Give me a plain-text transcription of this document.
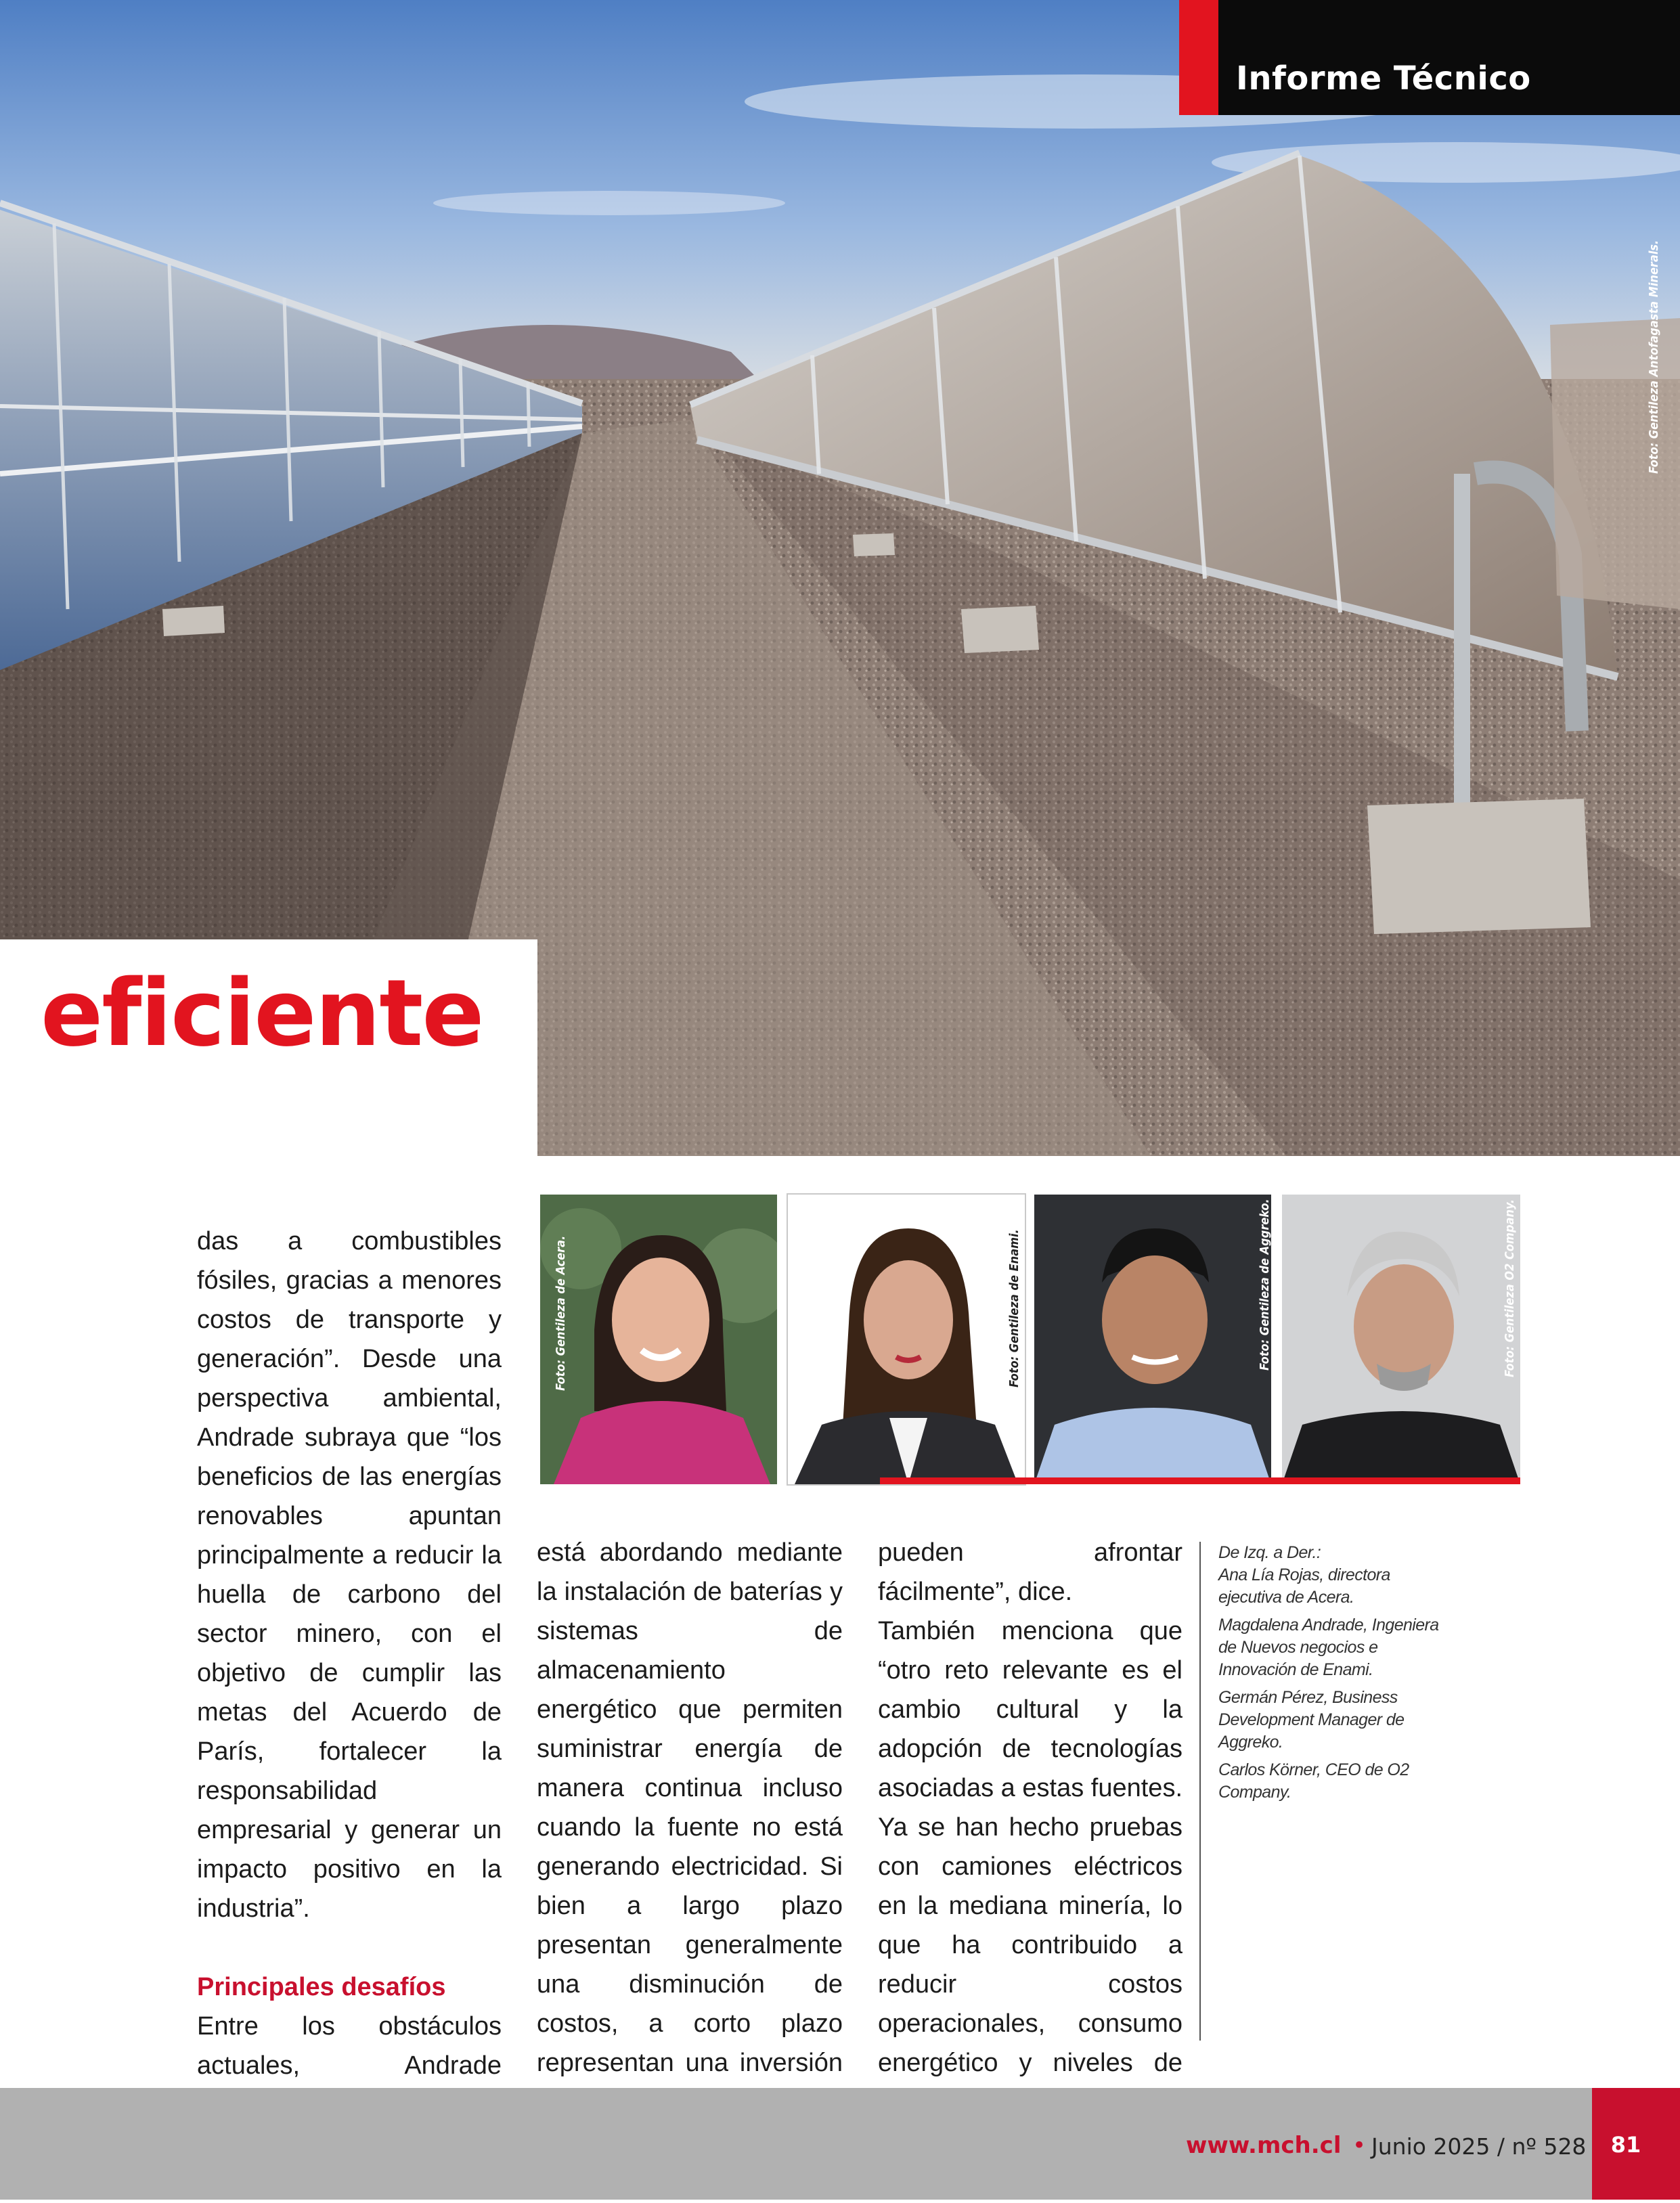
Informe Técnico
Foto: Gentileza Antofagasta Minerals.
eficiente
Foto: Gentileza de Acera.	Foto: Gentileza de Enami.	Foto: Gentileza de Aggreko.	Foto: Gentileza O2 Company.

das a combustibles fósiles, gracias a menores costos de transporte y generación”. Desde una perspectiva ambiental, Andrade subraya que “los beneficios de las energías renovables apuntan principalmente a reducir la huella de carbono del sector minero, con el objetivo de cumplir las metas del Acuerdo de París, fortalecer la responsabilidad empresarial y generar un impacto positivo en la industria”.

Principales desafíos

Entre los obstáculos actuales, Andrade

está abordando mediante la instalación de baterías y sistemas de almacenamiento energético que permiten suministrar energía de manera continua incluso cuando la fuente no está generando electricidad. Si bien a largo plazo presentan generalmente una disminución de costos, a corto plazo representan una inversión

pueden afrontar fácilmente”, dice.

También menciona que “otro reto relevante es el cambio cultural y la adopción de tecnologías asociadas a estas fuentes. Ya se han hecho pruebas con camiones eléctricos en la mediana minería, lo que ha contribuido a reducir costos operacionales, consumo energético y niveles de

De Izq. a Der.:

Ana Lía Rojas, directora ejecutiva de Acera.

Magdalena Andrade, Ingeniera de Nuevos negocios e Innovación de Enami.

Germán Pérez, Business Development Manager de Aggreko.

Carlos Körner, CEO de O2 Company.

www.mch.cl • Junio 2025 / nº 528	81
